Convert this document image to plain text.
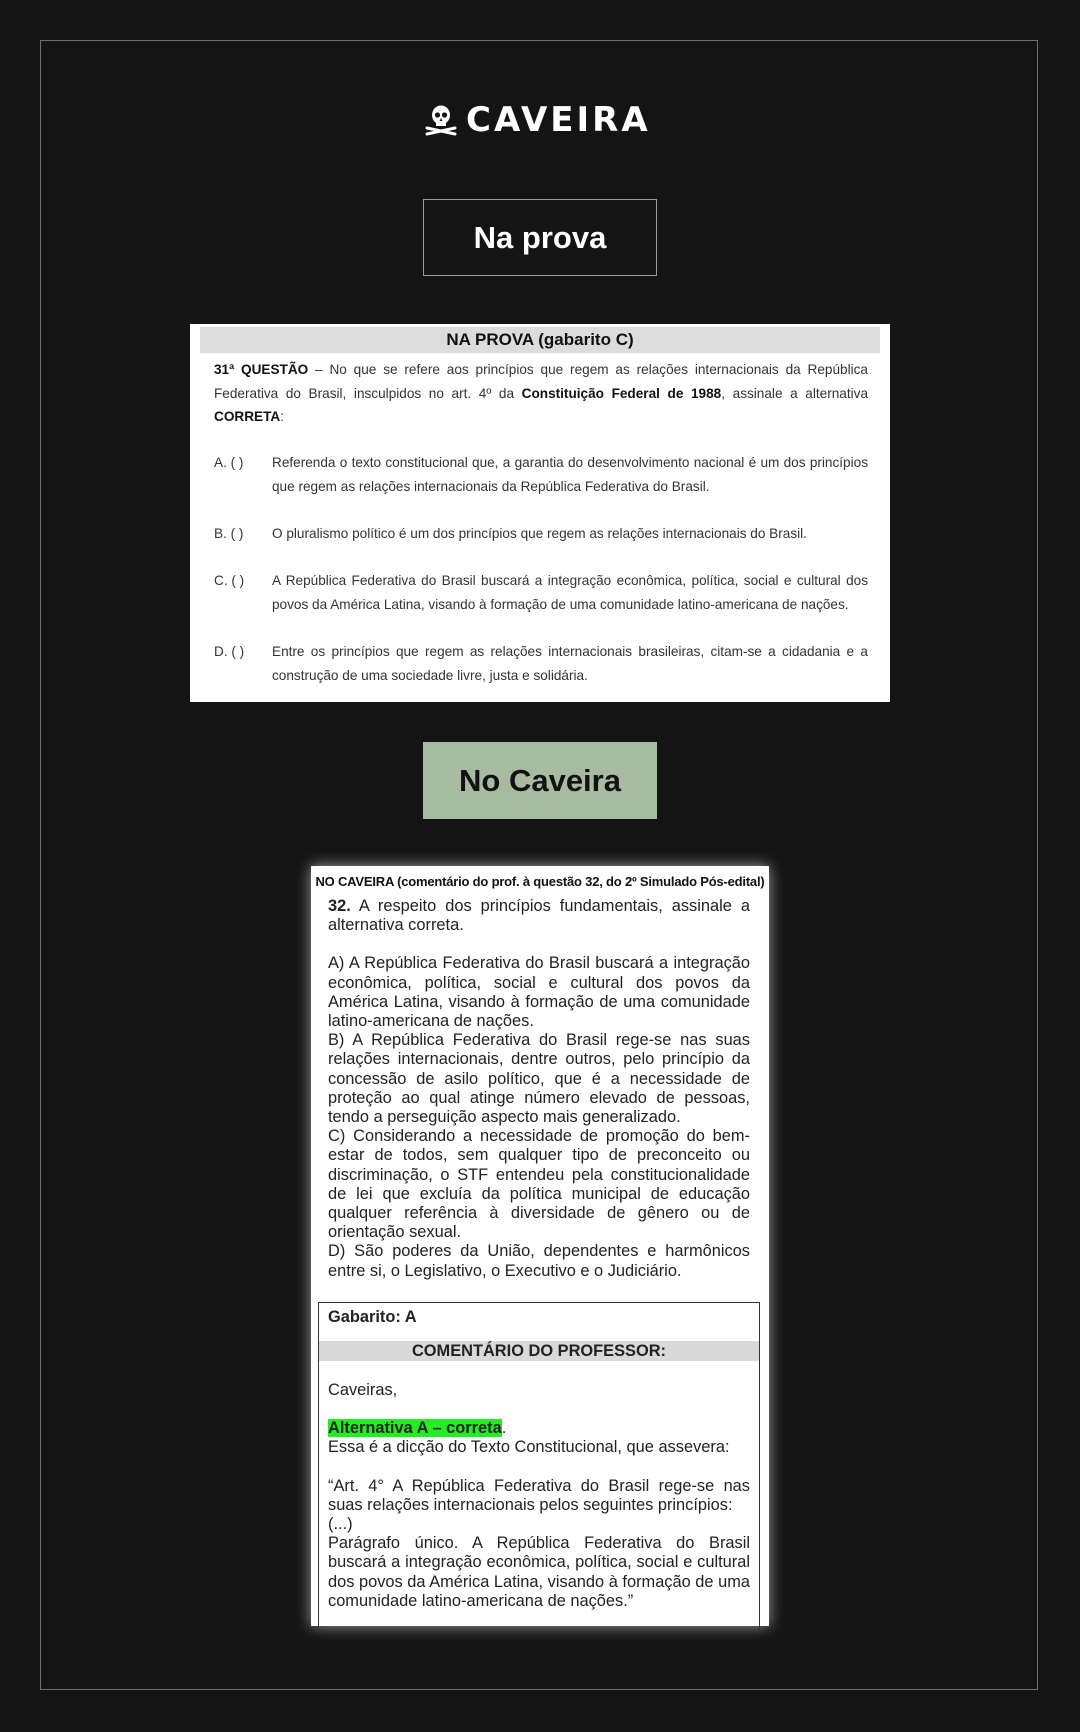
CAVEIRA
Na prova
NA PROVA (gabarito C)
31ª QUESTÃO – No que se refere aos princípios que regem as relações internacionais da República Federativa do Brasil, insculpidos no art. 4º da Constituição Federal de 1988, assinale a alternativa CORRETA:
A. ( )	Referenda o texto constitucional que, a garantia do desenvolvimento nacional é um dos princípios que regem as relações internacionais da República Federativa do Brasil.
B. ( )	O pluralismo político é um dos princípios que regem as relações internacionais do Brasil.
C. ( )	A República Federativa do Brasil buscará a integração econômica, política, social e cultural dos povos da América Latina, visando à formação de uma comunidade latino-americana de nações.
D. ( )	Entre os princípios que regem as relações internacionais brasileiras, citam-se a cidadania e a construção de uma sociedade livre, justa e solidária.
No Caveira
NO CAVEIRA (comentário do prof. à questão 32, do 2º Simulado Pós-edital)

32. A respeito dos princípios fundamentais, assinale a alternativa correta.

A) A República Federativa do Brasil buscará a integração econômica, política, social e cultural dos povos da América Latina, visando à formação de uma comunidade latino-americana de nações.

B) A República Federativa do Brasil rege-se nas suas relações internacionais, dentre outros, pelo princípio da concessão de asilo político, que é a necessidade de proteção ao qual atinge número elevado de pessoas, tendo a perseguição aspecto mais generalizado.

C) Considerando a necessidade de promoção do bem-estar de todos, sem qualquer tipo de preconceito ou discriminação, o STF entendeu pela constitucionalidade de lei que excluía da política municipal de educação qualquer referência à diversidade de gênero ou de orientação sexual.

D) São poderes da União, dependentes e harmônicos entre si, o Legislativo, o Executivo e o Judiciário.

Gabarito: A
COMENTÁRIO DO PROFESSOR:

Caveiras,

Alternativa A – correta.

Essa é a dicção do Texto Constitucional, que assevera:

“Art. 4° A República Federativa do Brasil rege-se nas suas relações internacionais pelos seguintes princípios:

(...)

Parágrafo único. A República Federativa do Brasil buscará a integração econômica, política, social e cultural dos povos da América Latina, visando à formação de uma comunidade latino-americana de nações.”
